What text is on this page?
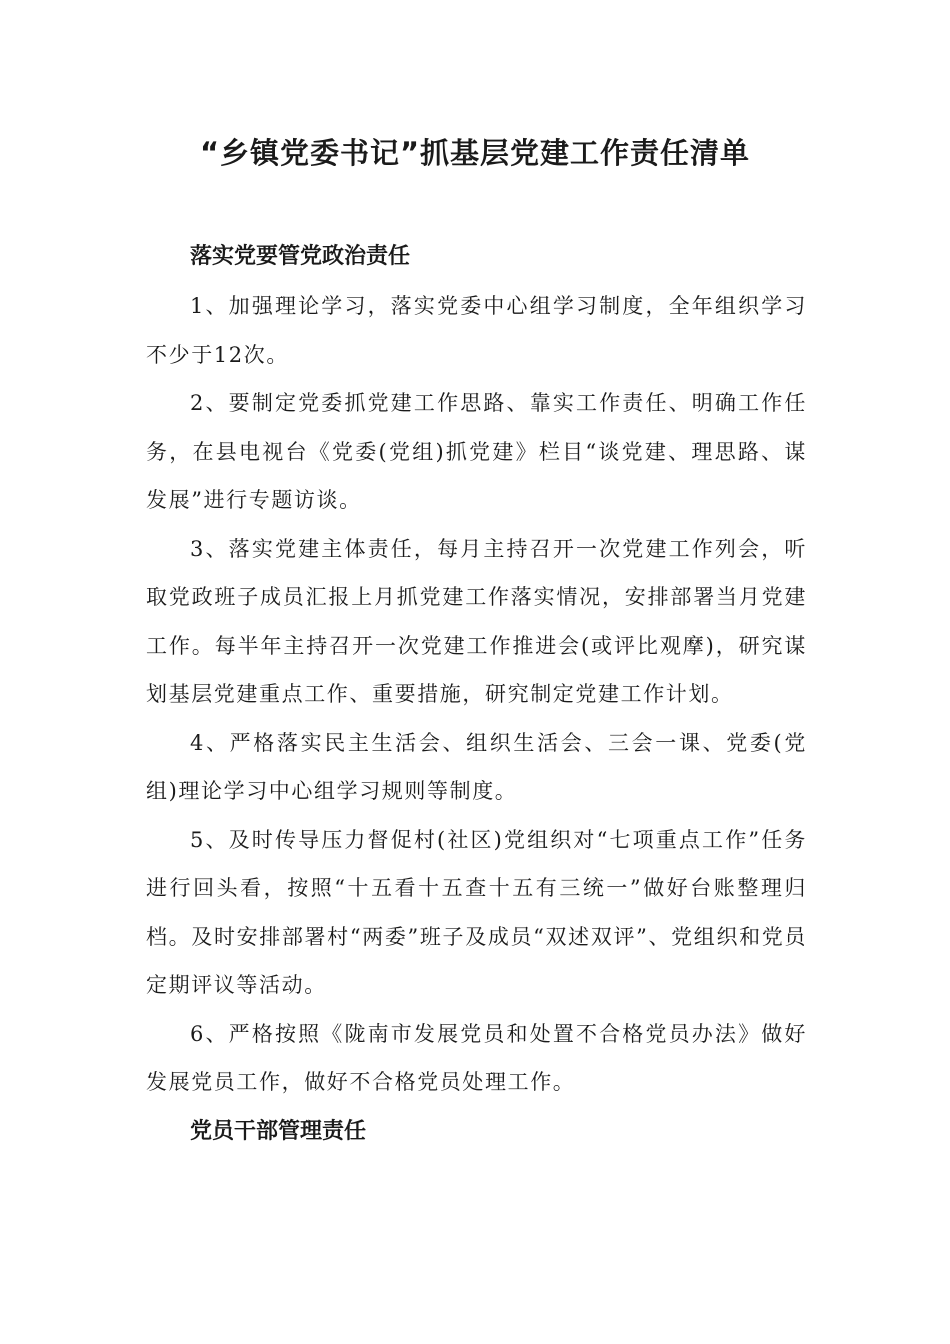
“乡镇党委书记”抓基层党建工作责任清单

落实党要管党政治责任

1、加强理论学习，落实党委中心组学习制度，全年组织学习不少于12次。

2、要制定党委抓党建工作思路、靠实工作责任、明确工作任务，在县电视台《党委(党组)抓党建》栏目“谈党建、理思路、谋发展”进行专题访谈。

3、落实党建主体责任，每月主持召开一次党建工作列会，听取党政班子成员汇报上月抓党建工作落实情况，安排部署当月党建工作。每半年主持召开一次党建工作推进会(或评比观摩)，研究谋划基层党建重点工作、重要措施，研究制定党建工作计划。

4、严格落实民主生活会、组织生活会、三会一课、党委(党组)理论学习中心组学习规则等制度。

5、及时传导压力督促村(社区)党组织对“七项重点工作”任务进行回头看，按照“十五看十五查十五有三统一”做好台账整理归档。及时安排部署村“两委”班子及成员“双述双评”、党组织和党员定期评议等活动。

6、严格按照《陇南市发展党员和处置不合格党员办法》做好发展党员工作，做好不合格党员处理工作。

党员干部管理责任
